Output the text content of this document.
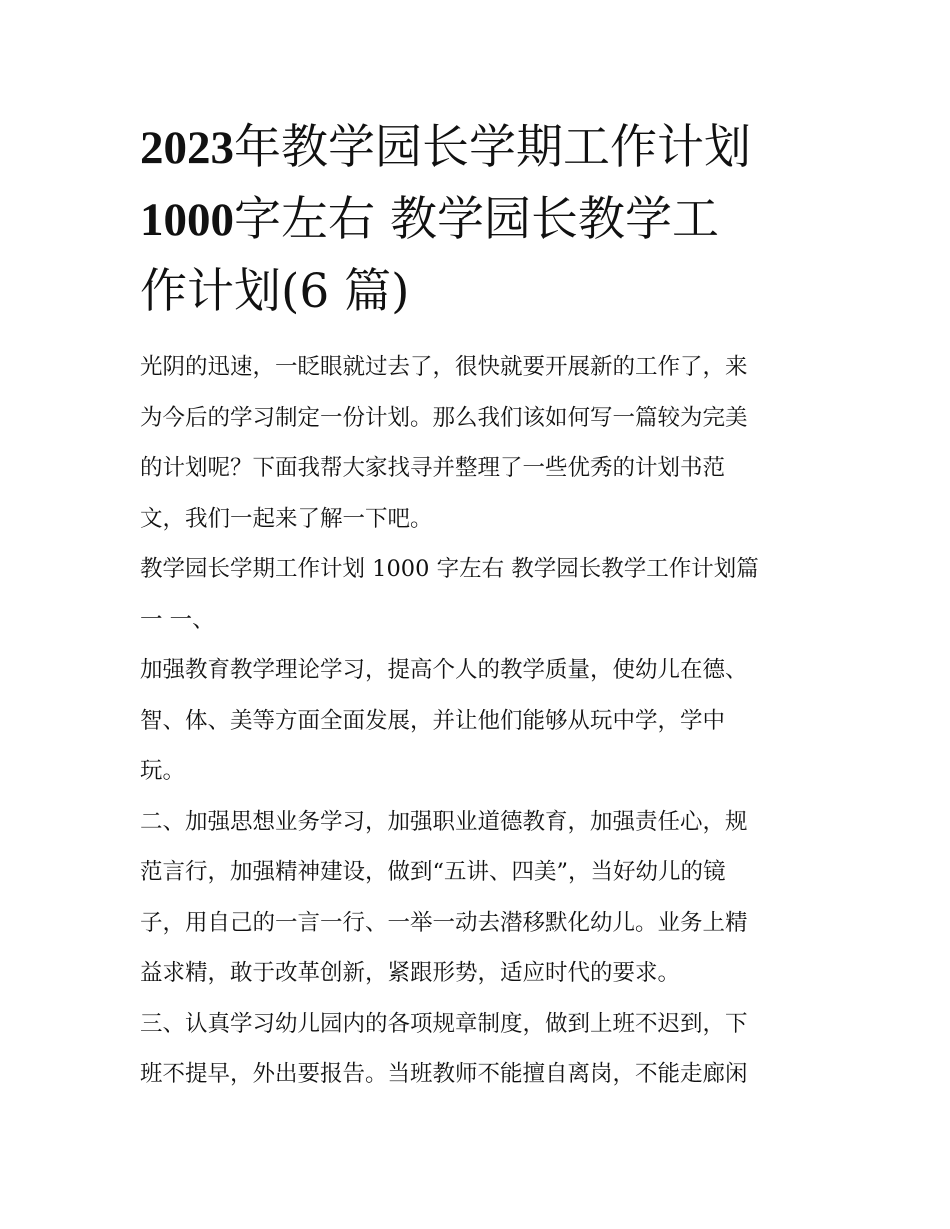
2023年教学园长学期工作计划
1000字左右 教学园长教学工
作计划(6 篇)

光阴的迅速，一眨眼就过去了，很快就要开展新的工作了，来
为今后的学习制定一份计划。那么我们该如何写一篇较为完美
的计划呢？下面我帮大家找寻并整理了一些优秀的计划书范
文，我们一起来了解一下吧。

教学园长学期工作计划 1000 字左右 教学园长教学工作计划篇
一 一、

加强教育教学理论学习，提高个人的教学质量，使幼儿在德、
智、体、美等方面全面发展，并让他们能够从玩中学，学中
玩。

二、加强思想业务学习，加强职业道德教育，加强责任心，规
范言行，加强精神建设，做到“五讲、四美”，当好幼儿的镜
子，用自己的一言一行、一举一动去潜移默化幼儿。业务上精
益求精，敢于改革创新，紧跟形势，适应时代的要求。

三、认真学习幼儿园内的各项规章制度，做到上班不迟到，下
班不提早，外出要报告。当班教师不能擅自离岗，不能走廊闲
